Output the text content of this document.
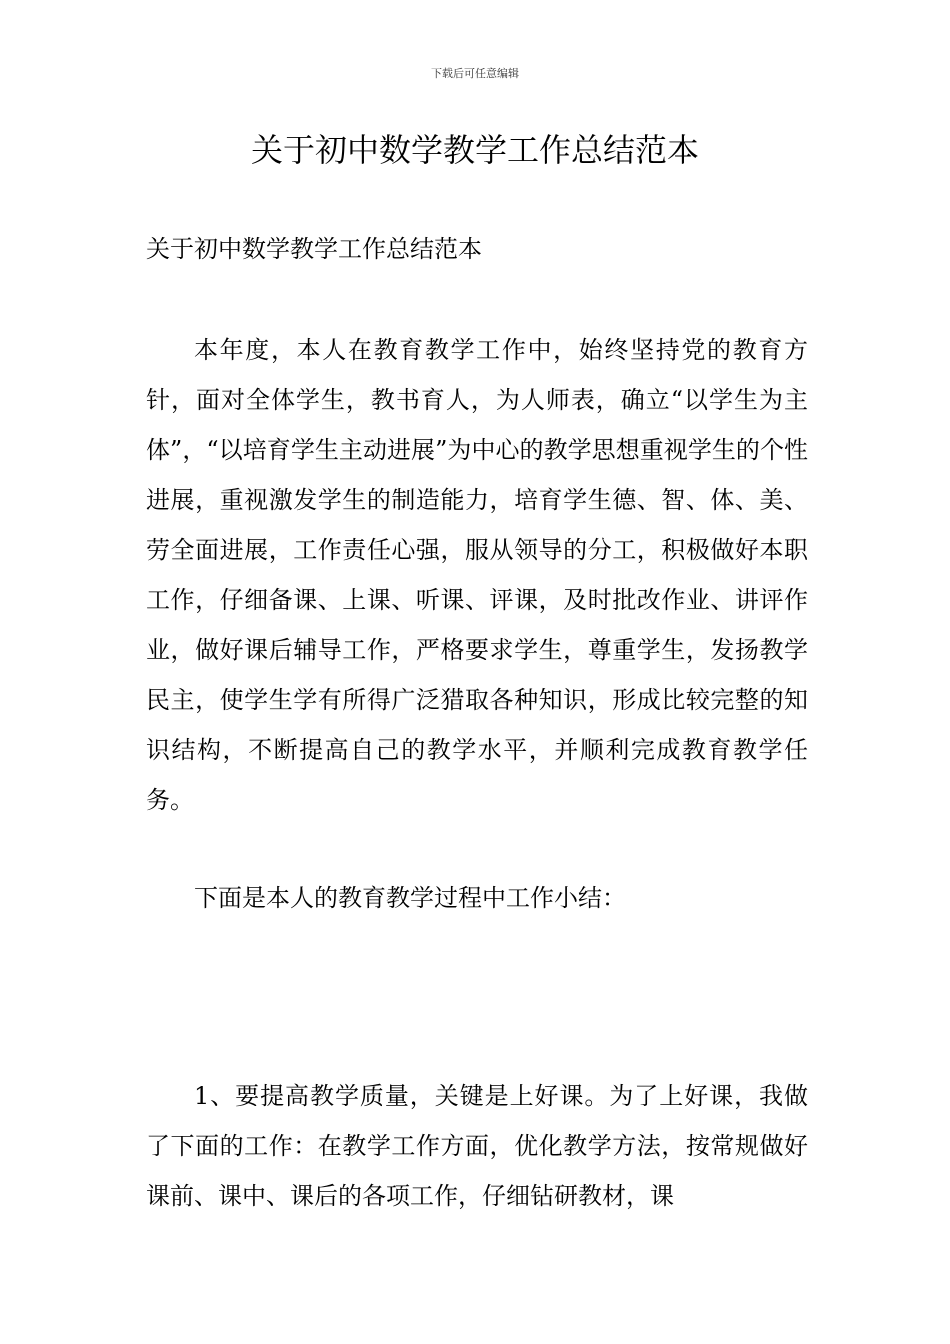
下载后可任意编辑
关于初中数学教学工作总结范本
关于初中数学教学工作总结范本

本年度，本人在教育教学工作中，始终坚持党的教育方针，面对全体学生，教书育人，为人师表，确立“以学生为主体”，“以培育学生主动进展”为中心的教学思想重视学生的个性进展，重视激发学生的制造能力，培育学生德、智、体、美、劳全面进展，工作责任心强，服从领导的分工，积极做好本职工作，仔细备课、上课、听课、评课，及时批改作业、讲评作业，做好课后辅导工作，严格要求学生，尊重学生，发扬教学民主，使学生学有所得广泛猎取各种知识，形成比较完整的知识结构，不断提高自己的教学水平，并顺利完成教育教学任务。

下面是本人的教育教学过程中工作小结：

1、要提高教学质量，关键是上好课。为了上好课，我做了下面的工作：在教学工作方面，优化教学方法，按常规做好课前、课中、课后的各项工作，仔细钻研教材，课
